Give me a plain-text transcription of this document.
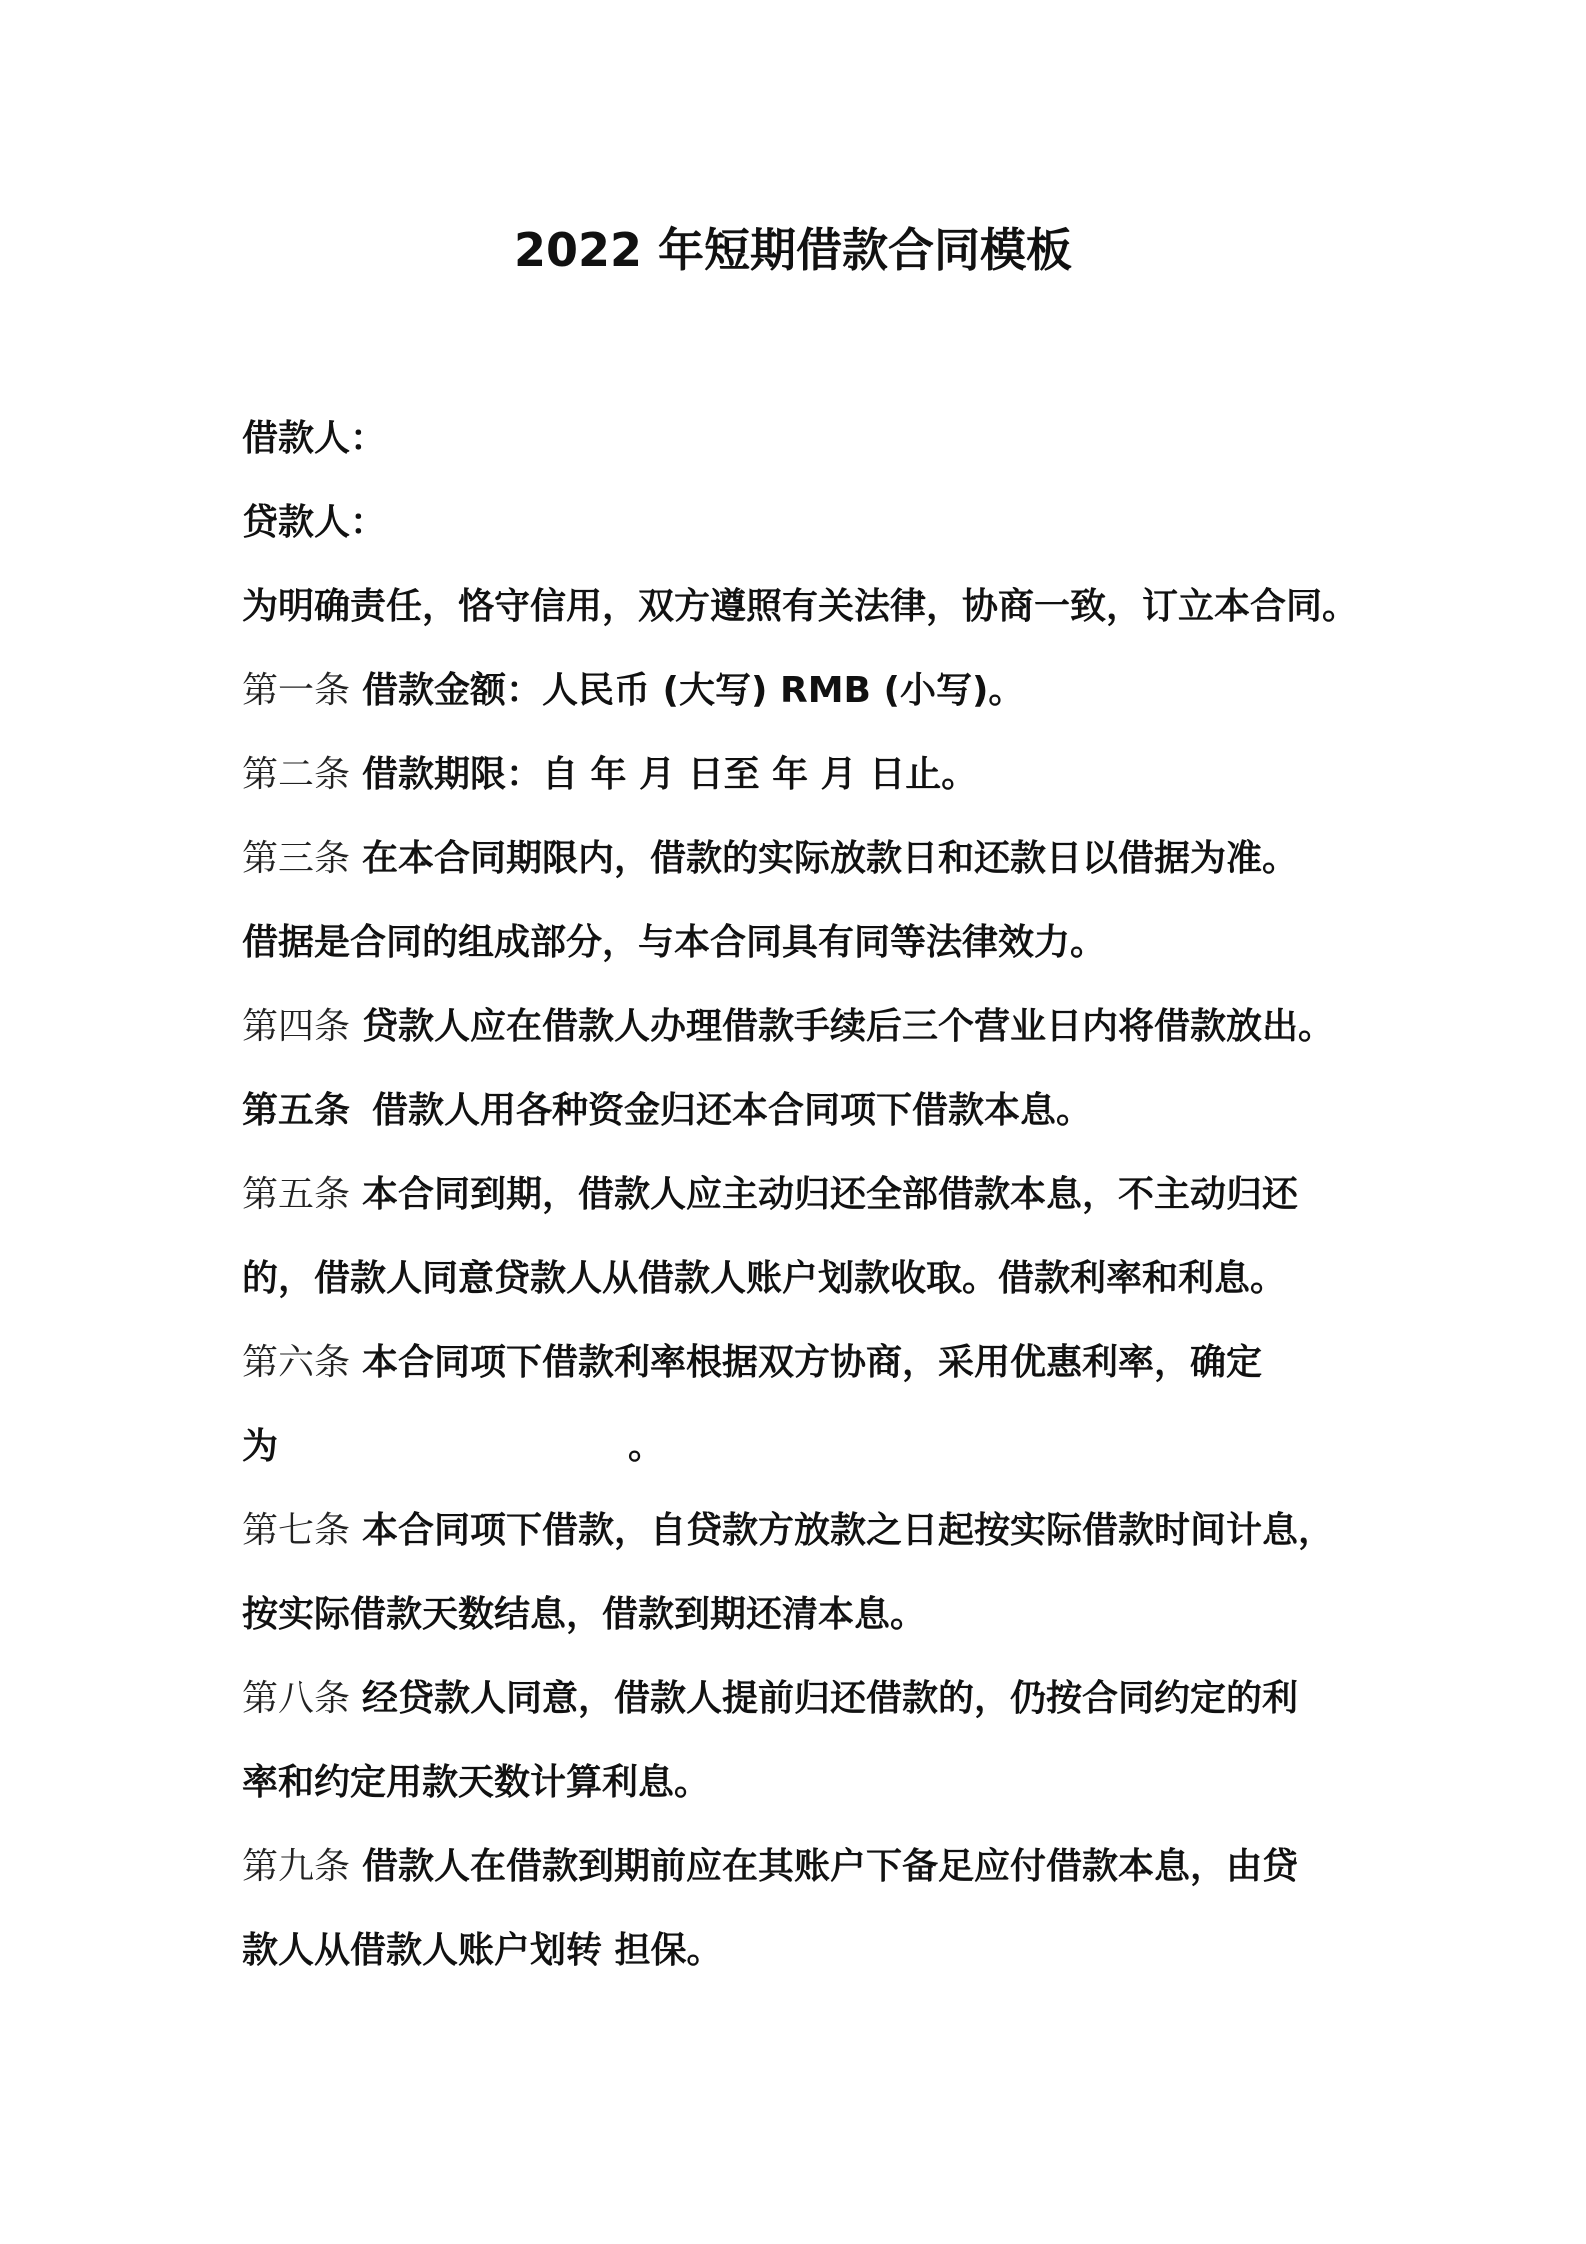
2022 年短期借款合同模板
借款人：
贷款人：
为明确责任，恪守信用，双方遵照有关法律，协商一致，订立本合同。
第一条 借款金额：人民币 (大写) RMB (小写)。
第二条 借款期限：自 年 月 日至 年 月 日止。
第三条 在本合同期限内，借款的实际放款日和还款日以借据为准。
借据是合同的组成部分，与本合同具有同等法律效力。
第四条 贷款人应在借款人办理借款手续后三个营业日内将借款放出。
第五条 借款人用各种资金归还本合同项下借款本息。
第五条 本合同到期，借款人应主动归还全部借款本息，不主动归还
的，借款人同意贷款人从借款人账户划款收取。借款利率和利息。
第六条 本合同项下借款利率根据双方协商，采用优惠利率，确定
为	。
第七条 本合同项下借款，自贷款方放款之日起按实际借款时间计息，
按实际借款天数结息，借款到期还清本息。
第八条 经贷款人同意，借款人提前归还借款的，仍按合同约定的利
率和约定用款天数计算利息。
第九条 借款人在借款到期前应在其账户下备足应付借款本息，由贷
款人从借款人账户划转 担保。
